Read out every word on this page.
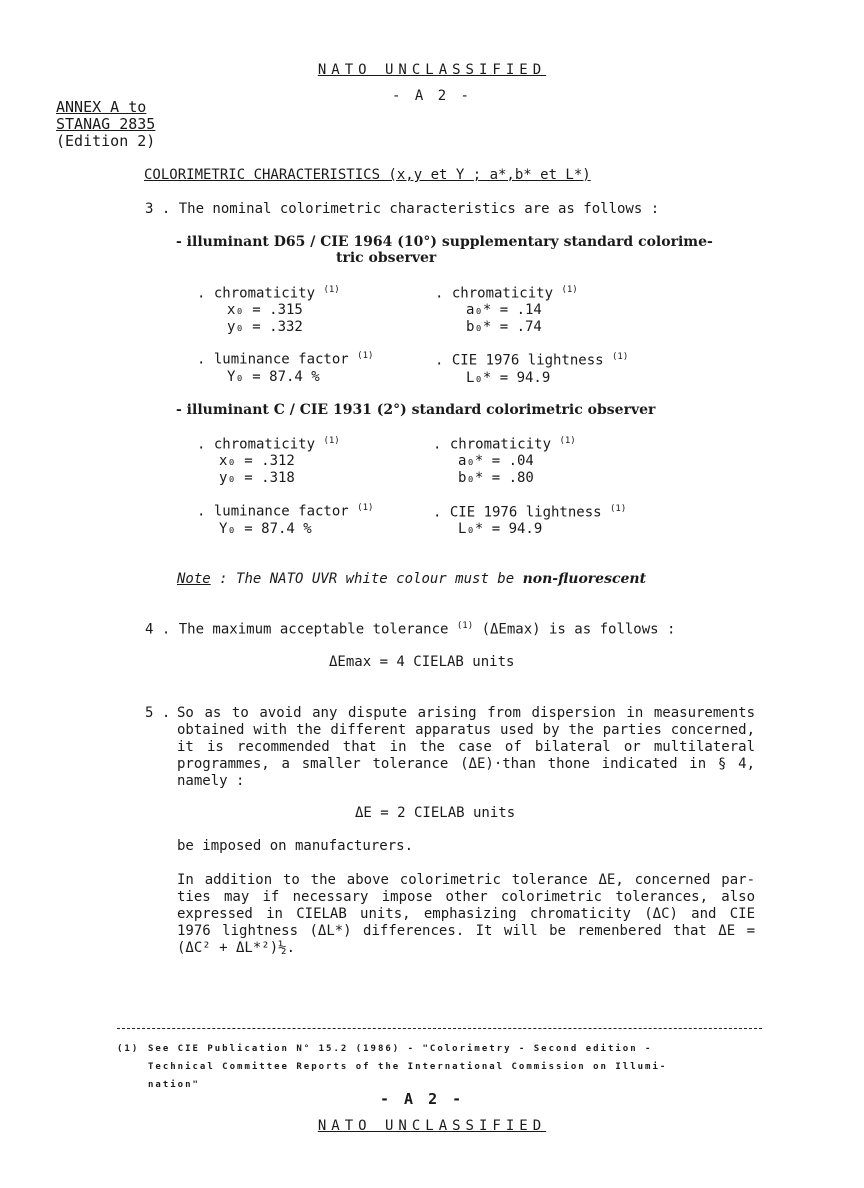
NATO UNCLASSIFIED
- A 2 -
ANNEX A to
STANAG 2835
(Edition 2)
COLORIMETRIC CHARACTERISTICS (x,y et Y ; a*,b* et L*)
3 . The nominal colorimetric characteristics are as follows :
- illuminant D65 / CIE 1964 (10°) supplementary standard colorime-
tric observer
. chromaticity $^{(1)}$
x₀ = .315
y₀ = .332
. chromaticity $^{(1)}$
a₀* = .14
b₀* = .74
. luminance factor $^{(1)}$
Y₀ = 87.4 %
. CIE 1976 lightness $^{(1)}$
L₀* = 94.9
- illuminant C / CIE 1931 (2°) standard colorimetric observer
. chromaticity $^{(1)}$
x₀ = .312
y₀ = .318
. chromaticity $^{(1)}$
a₀* = .04
b₀* = .80
. luminance factor $^{(1)}$
Y₀ = 87.4 %
. CIE 1976 lightness $^{(1)}$
L₀* = 94.9
Note : The NATO UVR white colour must be non-fluorescent
4 . The maximum acceptable tolerance $^{(1)}$ (ΔEmax) is as follows :
ΔEmax = 4 CIELAB units
5 . So as to avoid any dispute arising from dispersion in measurements obtained with the different apparatus used by the parties concerned, it is recommended that in the case of bilateral or multilateral programmes, a smaller tolerance (ΔE)·than thone indicated in § 4, namely :
ΔE = 2 CIELAB units
be imposed on manufacturers.
In addition to the above colorimetric tolerance ΔE, concerned par-ties may if necessary impose other colorimetric tolerances, also expressed in CIELAB units, emphasizing chromaticity (ΔC) and CIE 1976 lightness (ΔL*) differences. It will be remenbered that ΔE = (ΔC² + ΔL*²)½.
(1) See CIE Publication N° 15.2 (1986) - "Colorimetry - Second edition -
Technical Committee Reports of the International Commission on Illumi-
nation"
- A 2 -
NATO UNCLASSIFIED
